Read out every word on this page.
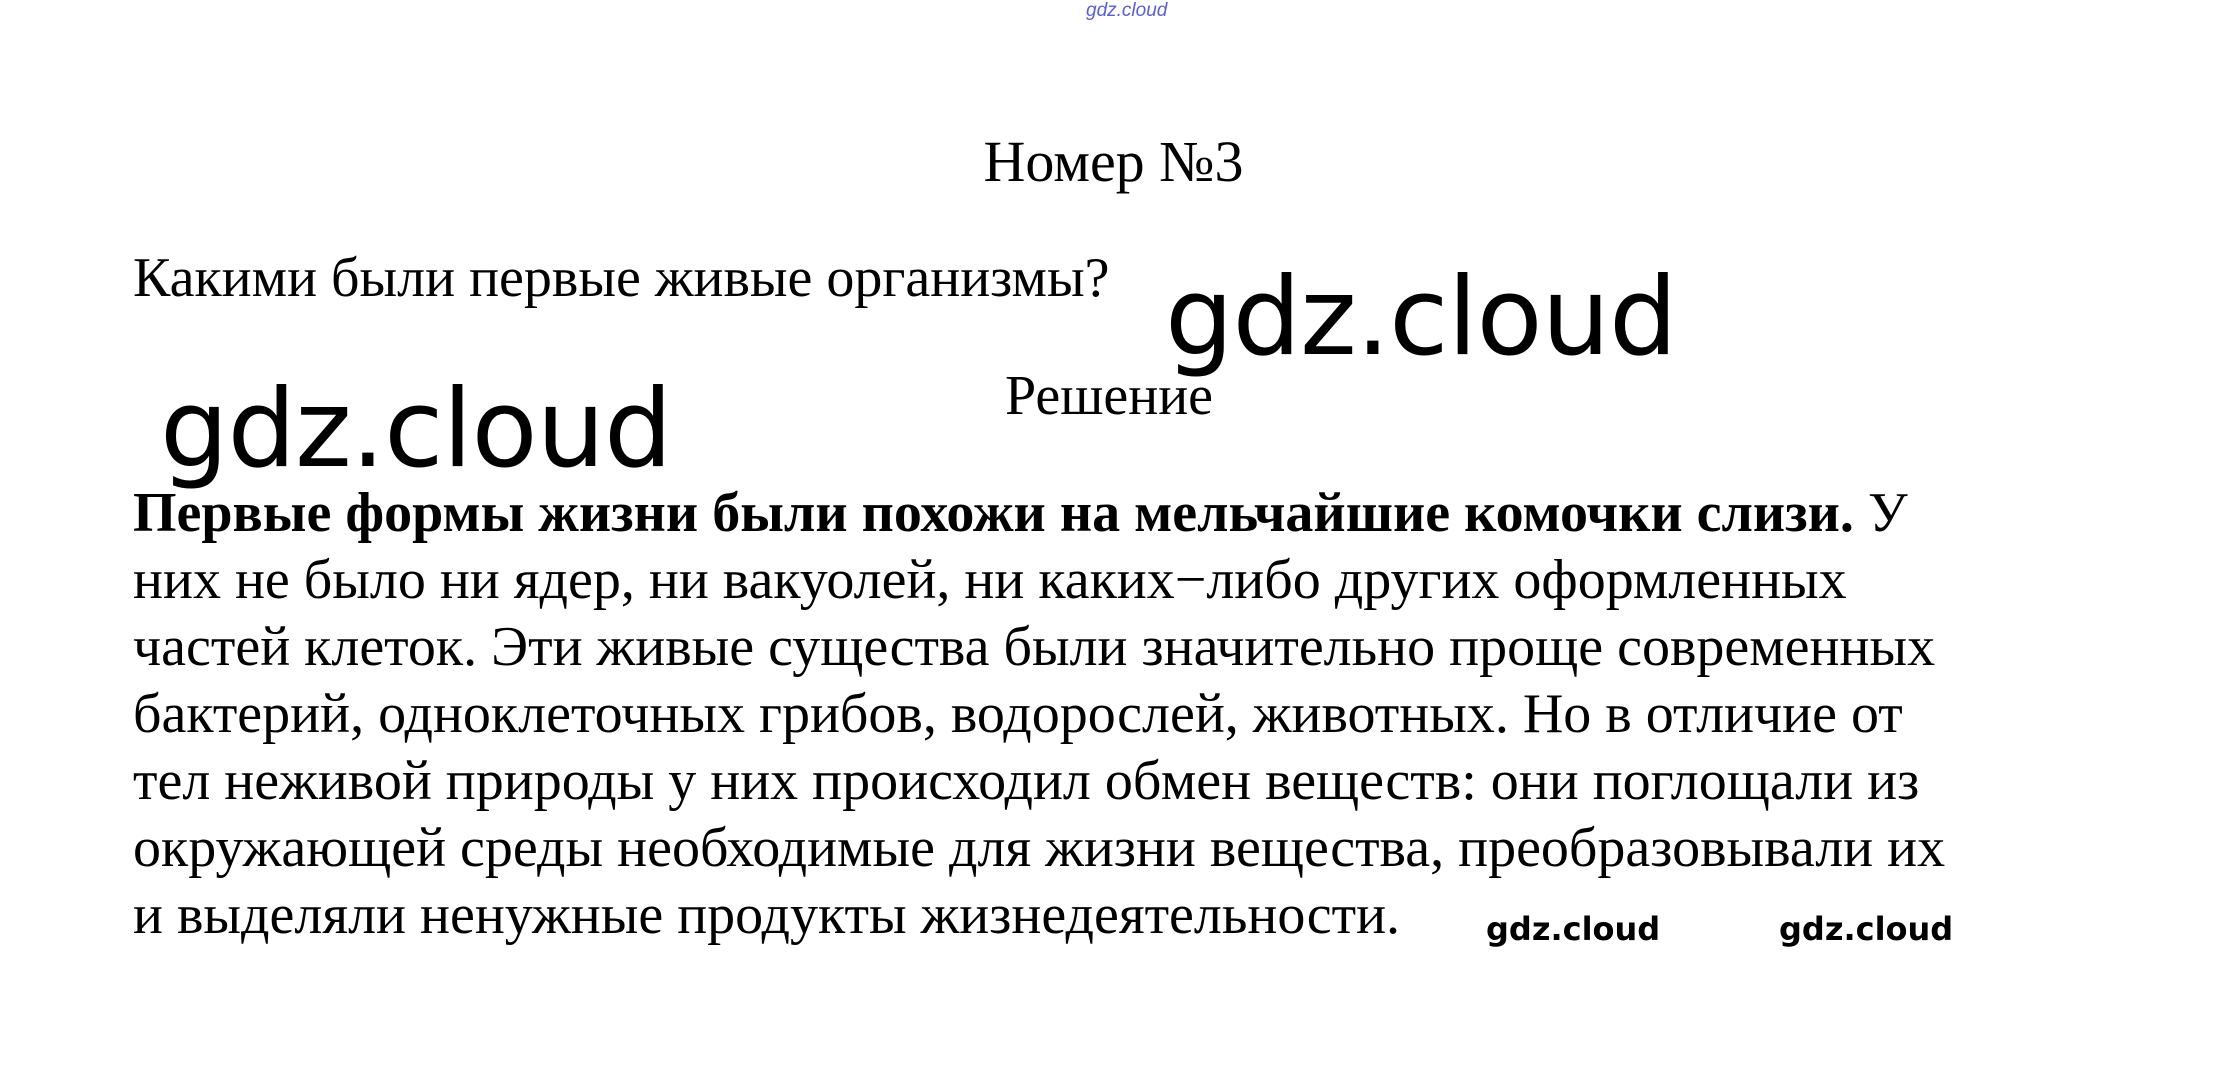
gdz.cloud
Номер №3
Какими были первые живые организмы?
Решение
Первые формы жизни были похожи на мельчайшие комочки слизи. У
них не было ни ядер, ни вакуолей, ни каких−либо других оформленных
частей клеток. Эти живые существа были значительно проще современных
бактерий, одноклеточных грибов, водорослей, животных. Но в отличие от
тел неживой природы у них происходил обмен веществ: они поглощали из
окружающей среды необходимые для жизни вещества, преобразовывали их
и выделяли ненужные продукты жизнедеятельности.
gdz.cloud
gdz.cloud
gdz.cloud	gdz.cloud
